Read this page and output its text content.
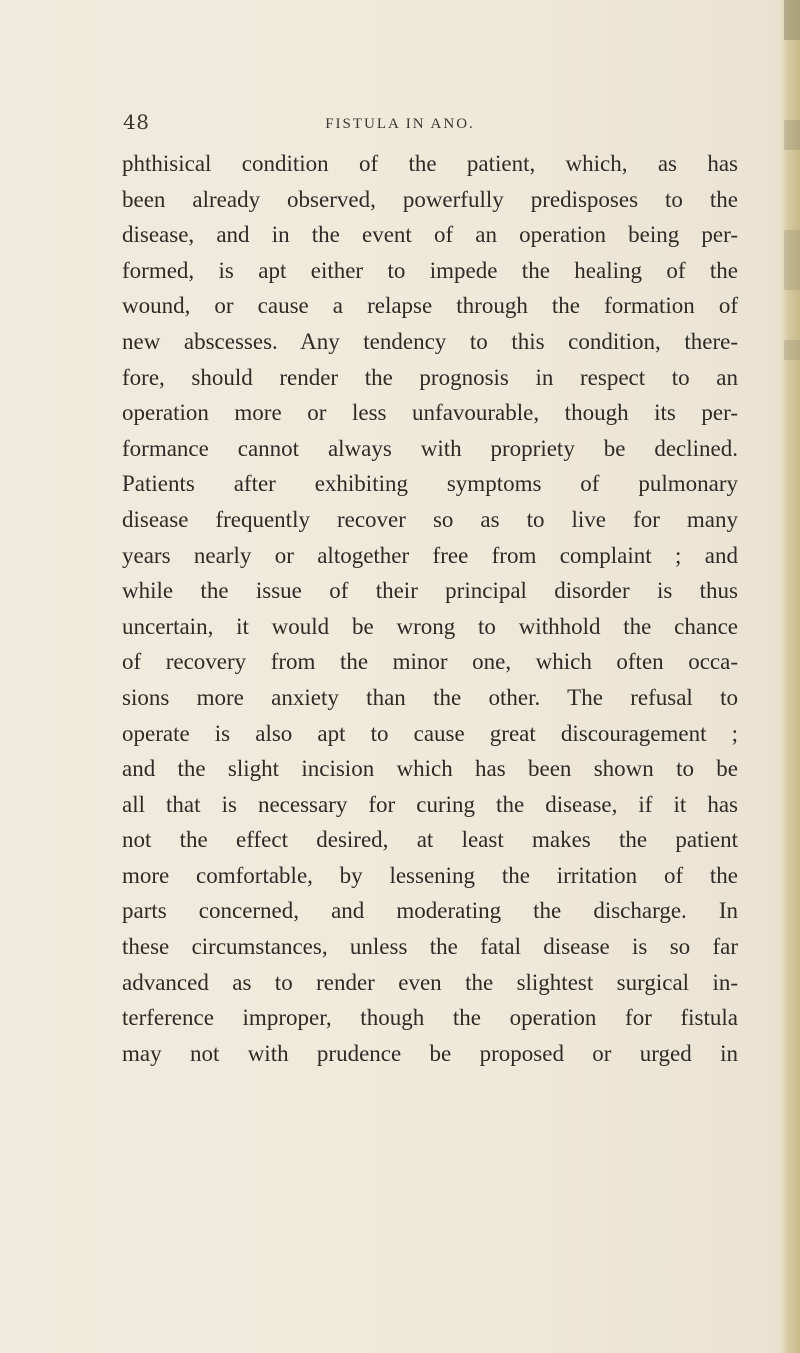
48	FISTULA IN ANO.
phthisical condition of the patient, which, as has
been already observed, powerfully predisposes to the
disease, and in the event of an operation being per-
formed, is apt either to impede the healing of the
wound, or cause a relapse through the formation of
new abscesses. Any tendency to this condition, there-
fore, should render the prognosis in respect to an
operation more or less unfavourable, though its per-
formance cannot always with propriety be declined.
Patients after exhibiting symptoms of pulmonary
disease frequently recover so as to live for many
years nearly or altogether free from complaint ; and
while the issue of their principal disorder is thus
uncertain, it would be wrong to withhold the chance
of recovery from the minor one, which often occa-
sions more anxiety than the other. The refusal to
operate is also apt to cause great discouragement ;
and the slight incision which has been shown to be
all that is necessary for curing the disease, if it has
not the effect desired, at least makes the patient
more comfortable, by lessening the irritation of the
parts concerned, and moderating the discharge. In
these circumstances, unless the fatal disease is so far
advanced as to render even the slightest surgical in-
terference improper, though the operation for fistula
may not with prudence be proposed or urged in
